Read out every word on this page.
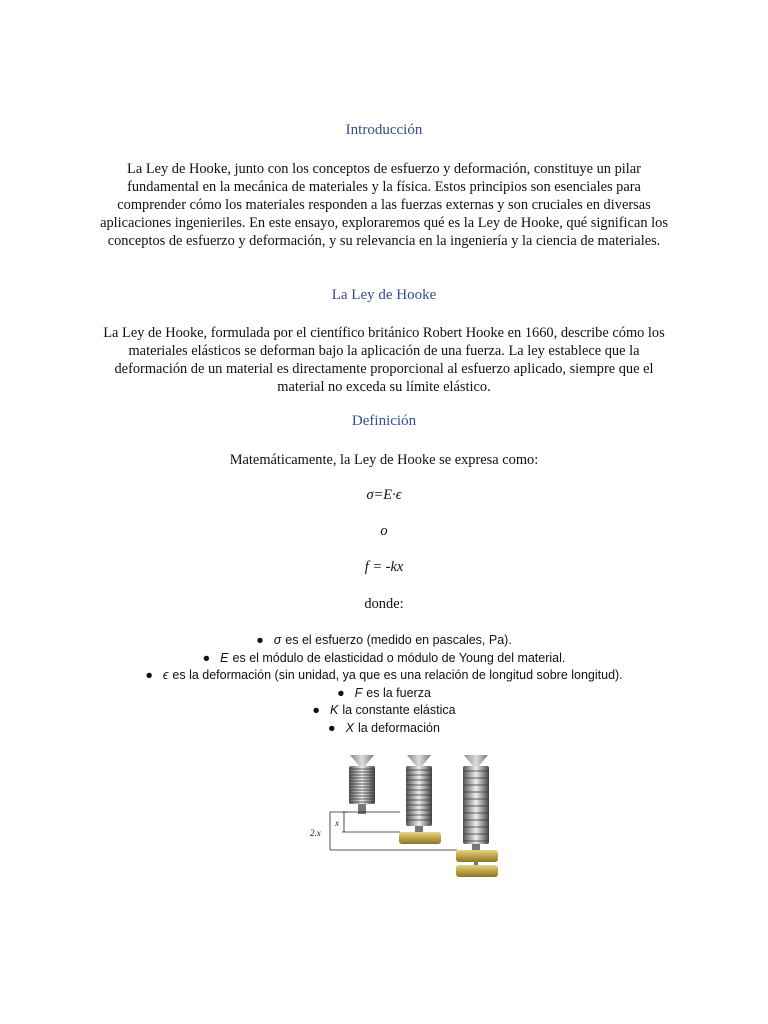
Introducción
La Ley de Hooke, junto con los conceptos de esfuerzo y deformación, constituye un pilar fundamental en la mecánica de materiales y la física. Estos principios son esenciales para comprender cómo los materiales responden a las fuerzas externas y son cruciales en diversas aplicaciones ingenieriles. En este ensayo, exploraremos qué es la Ley de Hooke, qué significan los conceptos de esfuerzo y deformación, y su relevancia en la ingeniería y la ciencia de materiales.
La Ley de Hooke
La Ley de Hooke, formulada por el científico británico Robert Hooke en 1660, describe cómo los materiales elásticos se deforman bajo la aplicación de una fuerza. La ley establece que la deformación de un material es directamente proporcional al esfuerzo aplicado, siempre que el material no exceda su límite elástico.
Definición
Matemáticamente, la Ley de Hooke se expresa como:
σ=E·ϵ
o
f = -kx
donde:
● σ es el esfuerzo (medido en pascales, Pa).
● E es el módulo de elasticidad o módulo de Young del material.
● ϵ es la deformación (sin unidad, ya que es una relación de longitud sobre longitud).
● F es la fuerza
● K la constante elástica
● X la deformación
x
2.x
